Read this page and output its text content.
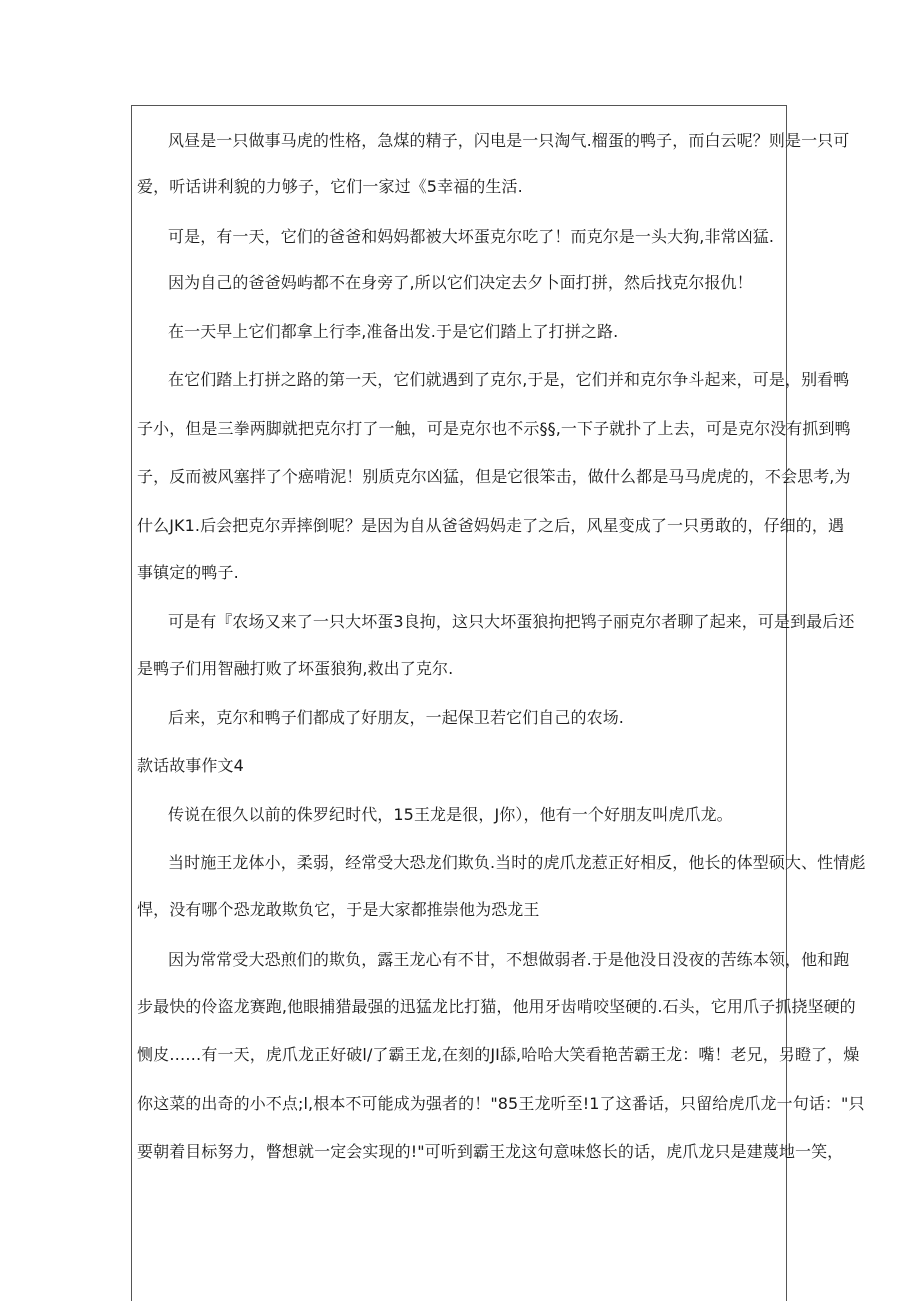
风昼是一只做事马虎的性格，急煤的精子，闪电是一只淘气.榴蛋的鸭子，而白云呢？则是一只可
爱，听话讲利貌的力够子，它们一家过《5幸福的生活.
可是，有一天，它们的爸爸和妈妈都被大坏蛋克尔吃了！而克尔是一头大狗,非常凶猛.
因为自己的爸爸妈屿都不在身旁了,所以它们决定去夕卜面打拼，然后找克尔报仇！
在一天早上它们都拿上行李,准备出发.于是它们踏上了打拼之路.
在它们踏上打拼之路的第一天，它们就遇到了克尔,于是，它们并和克尔争斗起来，可是，别看鸭
子小，但是三拳两脚就把克尔打了一触，可是克尔也不示§§,一下子就扑了上去，可是克尔没有抓到鸭
子，反而被风塞拌了个癌啃泥！别质克尔凶猛，但是它很笨击，做什么都是马马虎虎的，不会思考,为
什么JK1.后会把克尔弄摔倒呢？是因为自从爸爸妈妈走了之后，风星变成了一只勇敢的，仔细的，遇
事镇定的鸭子.
可是有『农场又来了一只大坏蛋3良拘，这只大坏蛋狼拘把鸨子丽克尔者聊了起来，可是到最后还
是鸭子们用智融打败了坏蛋狼狗,救出了克尔.
后来，克尔和鸭子们都成了好朋友，一起保卫若它们自己的农场.
款话故事作文4
传说在很久以前的侏罗纪时代，15王龙是很，J你），他有一个好朋友叫虎爪龙。
当时施王龙体小，柔弱，经常受大恐龙们欺负.当时的虎爪龙惹正好相反，他长的体型硕大、性情彪
悍，没有哪个恐龙敢欺负它，于是大家都推崇他为恐龙王
因为常常受大恐煎们的欺负，露王龙心有不甘，不想做弱者.于是他没日没夜的苦练本领，他和跑
步最快的伶盗龙赛跑,他眼捕猎最强的迅猛龙比打猫，他用牙齿啃咬坚硬的.石头，它用爪子抓挠坚硬的
恻皮……有一天，虎爪龙正好破l/了霸王龙,在刻的JI舔,哈哈大笑看艳苦霸王龙：嘴！老兄，另瞪了，燥
你这菜的出奇的小不点;l,根本不可能成为强者的！"85王龙听至!1了这番话，只留给虎爪龙一句话："只
要朝着目标努力，瞥想就一定会实现的!"可听到霸王龙这句意味悠长的话，虎爪龙只是建蔑地一笑，
